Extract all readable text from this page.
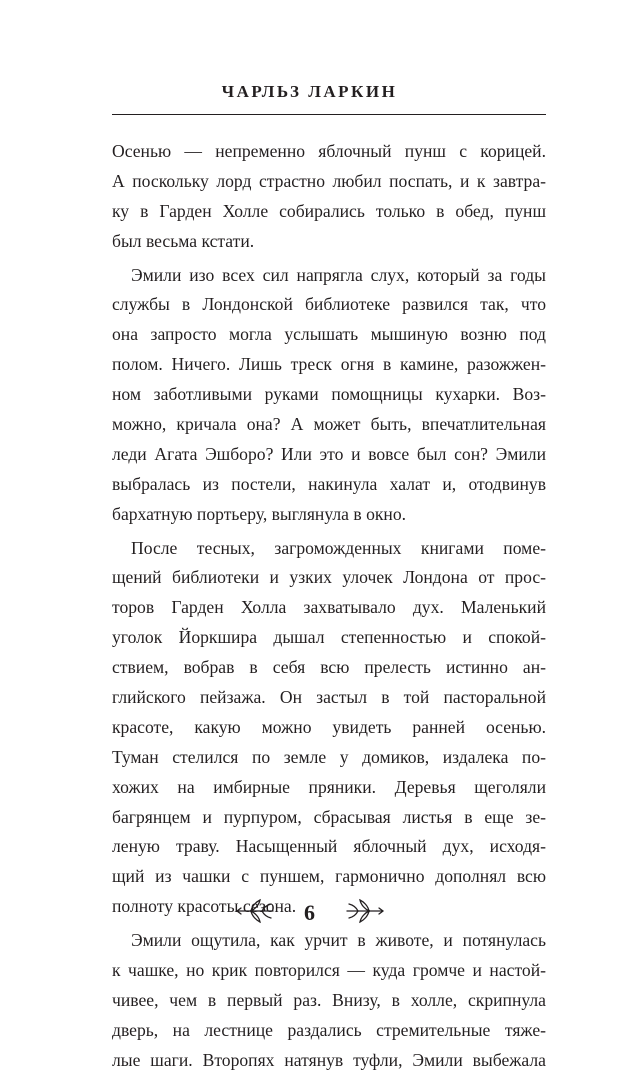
ЧАРЛЬЗ ЛАРКИН
Осенью — непременно яблочный пунш с корицей.
А поскольку лорд страстно любил поспать, и к завтра-
ку в Гарден Холле собирались только в обед, пунш
был весьма кстати.
Эмили изо всех сил напрягла слух, который за годы
службы в Лондонской библиотеке развился так, что
она запросто могла услышать мышиную возню под
полом. Ничего. Лишь треск огня в камине, разожжен-
ном заботливыми руками помощницы кухарки. Воз-
можно, кричала она? А может быть, впечатлительная
леди Агата Эшборо? Или это и вовсе был сон? Эмили
выбралась из постели, накинула халат и, отодвинув
бархатную портьеру, выглянула в окно.
После тесных, загроможденных книгами поме-
щений библиотеки и узких улочек Лондона от прос-
торов Гарден Холла захватывало дух. Маленький
уголок Йоркшира дышал степенностью и спокой-
ствием, вобрав в себя всю прелесть истинно ан-
глийского пейзажа. Он застыл в той пасторальной
красоте, какую можно увидеть ранней осенью.
Туман стелился по земле у домиков, издалека по-
хожих на имбирные пряники. Деревья щеголяли
багрянцем и пурпуром, сбрасывая листья в еще зе-
леную траву. Насыщенный яблочный дух, исходя-
щий из чашки с пуншем, гармонично дополнял всю
полноту красоты сезона.
Эмили ощутила, как урчит в животе, и потянулась
к чашке, но крик повторился — куда громче и настой-
чивее, чем в первый раз. Внизу, в холле, скрипнула
дверь, на лестнице раздались стремительные тяже-
лые шаги. Второпях натянув туфли, Эмили выбежала
6
